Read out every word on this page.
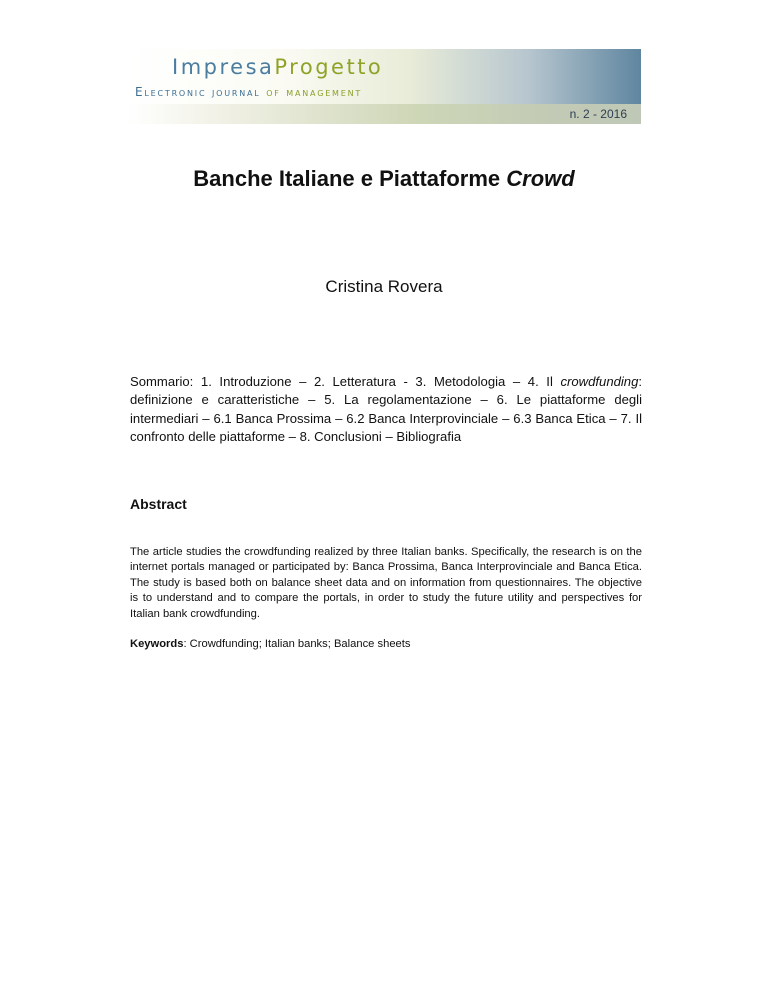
ImpresaProgetto
Electronic journal of management
n. 2 - 2016
Banche Italiane e Piattaforme Crowd
Cristina Rovera
Sommario: 1. Introduzione – 2. Letteratura - 3. Metodologia – 4. Il crowdfunding: definizione e caratteristiche – 5. La regolamentazione – 6. Le piattaforme degli intermediari – 6.1 Banca Prossima – 6.2 Banca Interprovinciale – 6.3 Banca Etica – 7. Il confronto delle piattaforme – 8. Conclusioni – Bibliografia
Abstract
The article studies the crowdfunding realized by three Italian banks. Specifically, the research is on the internet portals managed or participated by: Banca Prossima, Banca Interprovinciale and Banca Etica. The study is based both on balance sheet data and on information from questionnaires. The objective is to understand and to compare the portals, in order to study the future utility and perspectives for Italian bank crowdfunding.
Keywords: Crowdfunding; Italian banks; Balance sheets
